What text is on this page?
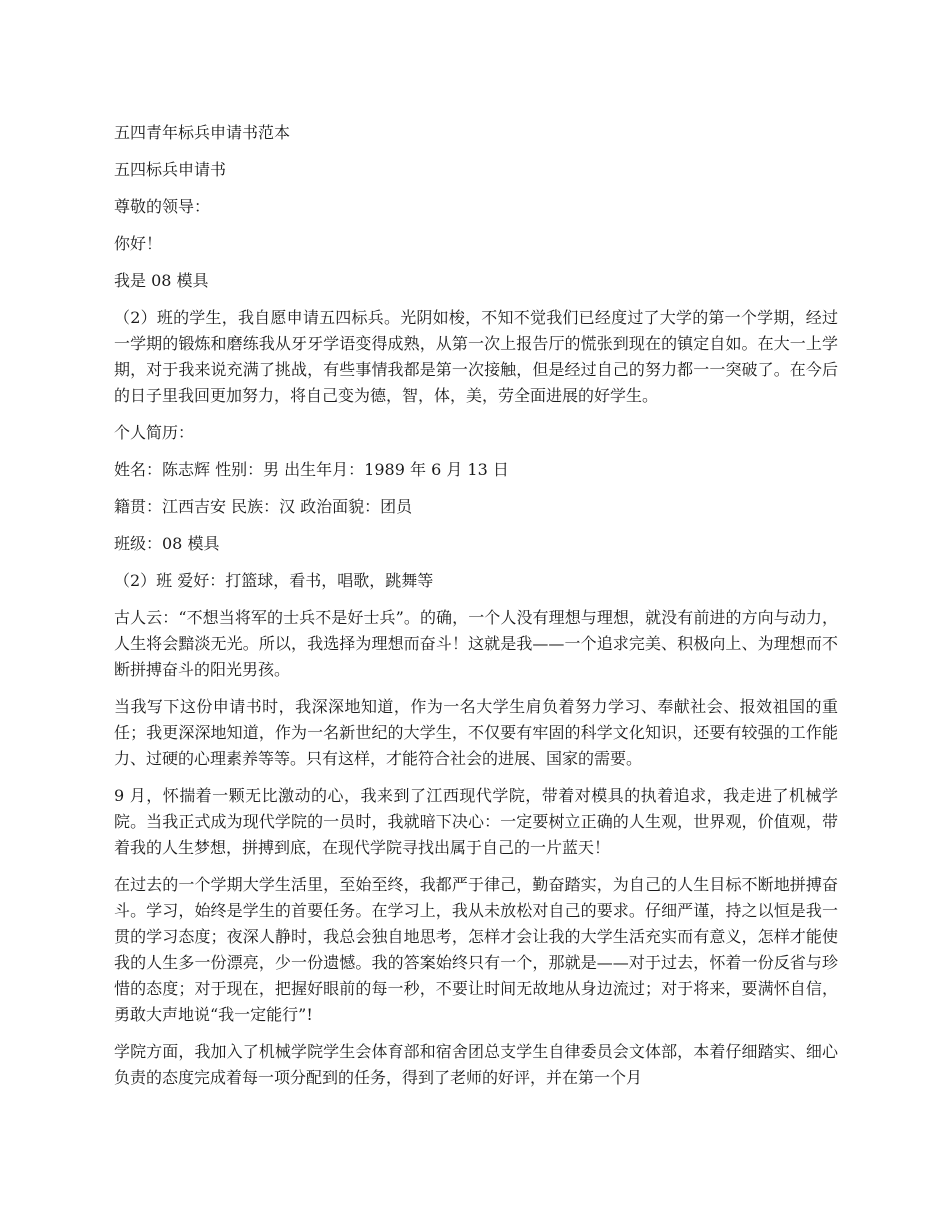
五四青年标兵申请书范本

五四标兵申请书

尊敬的领导：

你好！

我是 08 模具

（2）班的学生，我自愿申请五四标兵。光阴如梭，不知不觉我们已经度过了大学的第一个学期，经过一学期的锻炼和磨练我从牙牙学语变得成熟，从第一次上报告厅的慌张到现在的镇定自如。在大一上学期，对于我来说充满了挑战，有些事情我都是第一次接触，但是经过自己的努力都一一突破了。在今后的日子里我回更加努力，将自己变为德，智，体，美，劳全面进展的好学生。

个人简历：

姓名：陈志辉 性别：男 出生年月：1989 年 6 月 13 日

籍贯：江西吉安 民族：汉 政治面貌：团员

班级：08 模具

（2）班 爱好：打篮球，看书，唱歌，跳舞等

古人云：“不想当将军的士兵不是好士兵”。的确，一个人没有理想与理想，就没有前进的方向与动力，人生将会黯淡无光。所以，我选择为理想而奋斗！这就是我——一个追求完美、积极向上、为理想而不断拼搏奋斗的阳光男孩。

当我写下这份申请书时，我深深地知道，作为一名大学生肩负着努力学习、奉献社会、报效祖国的重任；我更深深地知道，作为一名新世纪的大学生，不仅要有牢固的科学文化知识，还要有较强的工作能力、过硬的心理素养等等。只有这样，才能符合社会的进展、国家的需要。

9 月，怀揣着一颗无比激动的心，我来到了江西现代学院，带着对模具的执着追求，我走进了机械学院。当我正式成为现代学院的一员时，我就暗下决心：一定要树立正确的人生观，世界观，价值观，带着我的人生梦想，拼搏到底，在现代学院寻找出属于自己的一片蓝天！

在过去的一个学期大学生活里，至始至终，我都严于律己，勤奋踏实，为自己的人生目标不断地拼搏奋斗。学习，始终是学生的首要任务。在学习上，我从未放松对自己的要求。仔细严谨，持之以恒是我一贯的学习态度；夜深人静时，我总会独自地思考，怎样才会让我的大学生活充实而有意义，怎样才能使我的人生多一份漂亮，少一份遗憾。我的答案始终只有一个，那就是——对于过去，怀着一份反省与珍惜的态度；对于现在，把握好眼前的每一秒，不要让时间无故地从身边流过；对于将来，要满怀自信，勇敢大声地说“我一定能行”!

学院方面，我加入了机械学院学生会体育部和宿舍团总支学生自律委员会文体部，本着仔细踏实、细心负责的态度完成着每一项分配到的任务，得到了老师的好评，并在第一个月
